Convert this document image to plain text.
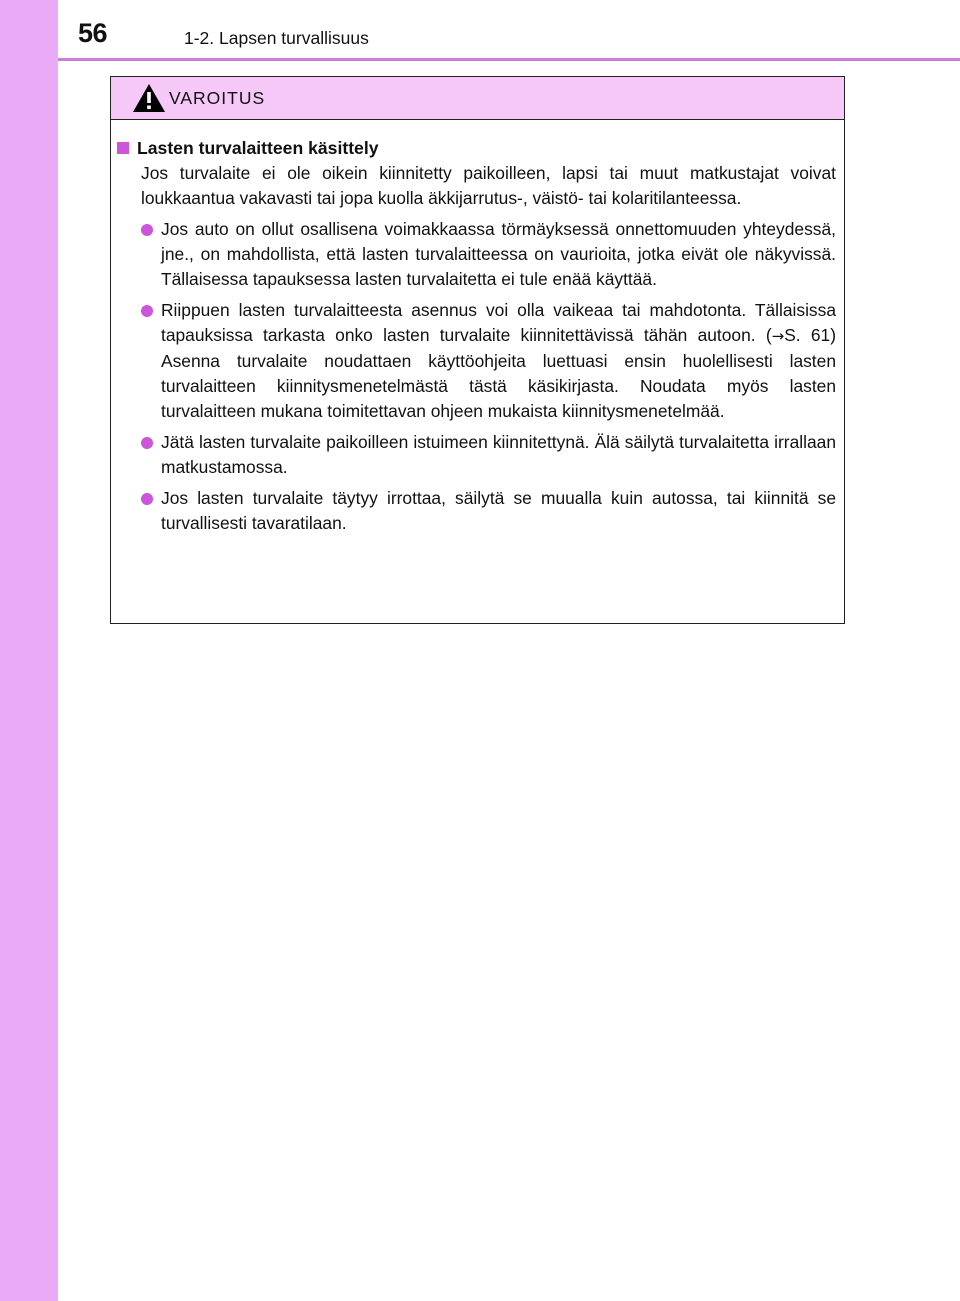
56	1-2. Lapsen turvallisuus
VAROITUS
Lasten turvalaitteen käsittely

Jos turvalaite ei ole oikein kiinnitetty paikoilleen, lapsi tai muut matkustajat voivat loukkaantua vakavasti tai jopa kuolla äkkijarrutus-, väistö- tai kolaritilanteessa.

Jos auto on ollut osallisena voimakkaassa törmäyksessä onnettomuuden yhteydessä, jne., on mahdollista, että lasten turvalaitteessa on vaurioita, jotka eivät ole näkyvissä. Tällaisessa tapauksessa lasten turvalaitetta ei tule enää käyttää.
Riippuen lasten turvalaitteesta asennus voi olla vaikeaa tai mahdotonta. Tällaisissa tapauksissa tarkasta onko lasten turvalaite kiinnitettävissä tähän autoon. (→S. 61) Asenna turvalaite noudattaen käyttöohjeita luettuasi ensin huolellisesti lasten turvalaitteen kiinnitysmenetelmästä tästä käsikirjasta. Noudata myös lasten turvalaitteen mukana toimitettavan ohjeen mukaista kiinnitysmenetelmää.
Jätä lasten turvalaite paikoilleen istuimeen kiinnitettynä. Älä säilytä turvalaitetta irrallaan matkustamossa.
Jos lasten turvalaite täytyy irrottaa, säilytä se muualla kuin autossa, tai kiinnitä se turvallisesti tavaratilaan.
